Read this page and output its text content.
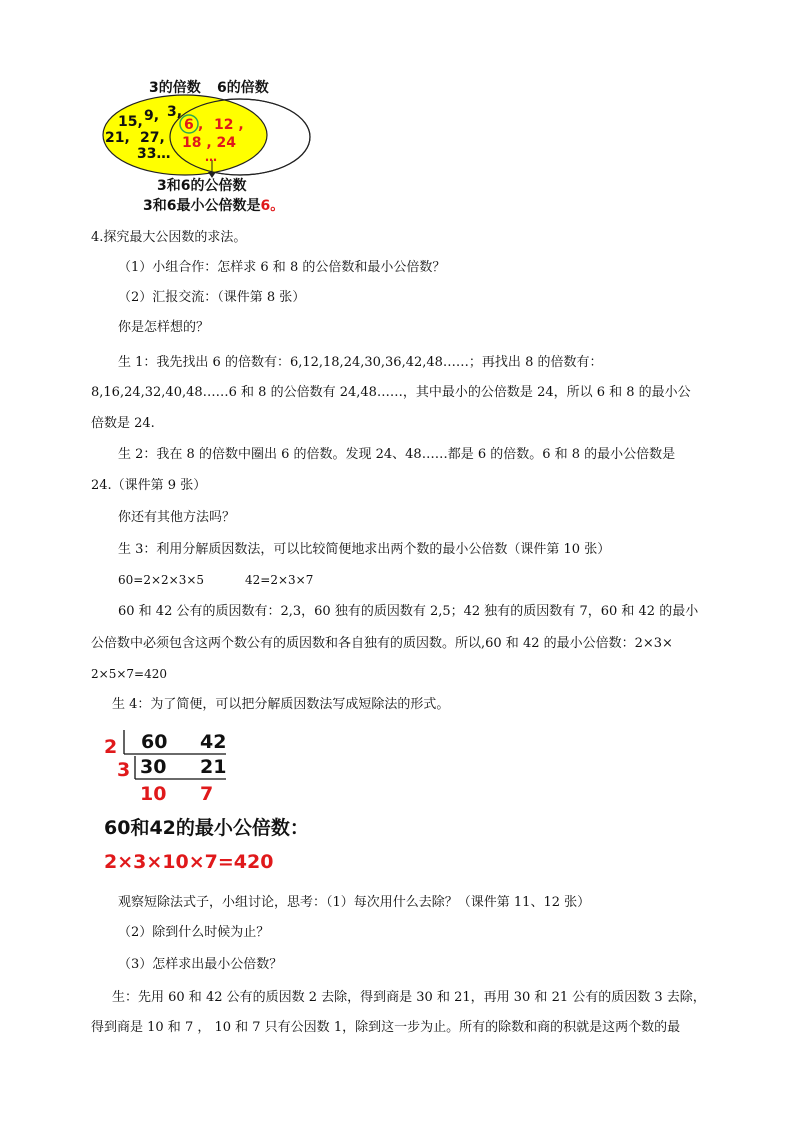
3的倍数 6的倍数
15, 9, 3,
21, 27,
33…
6 , 12 ,
18 , 24
…
3和6的公倍数
3和6最小公倍数是6。
4.探究最大公因数的求法。
（1）小组合作：怎样求 6 和 8 的公倍数和最小公倍数？
（2）汇报交流：（课件第 8 张）
你是怎样想的？
生 1：我先找出 6 的倍数有：6,12,18,24,30,36,42,48……；再找出 8 的倍数有：
8,16,24,32,40,48……6 和 8 的公倍数有 24,48……，其中最小的公倍数是 24，所以 6 和 8 的最小公
倍数是 24.
生 2：我在 8 的倍数中圈出 6 的倍数。发现 24、48……都是 6 的倍数。6 和 8 的最小公倍数是
24.（课件第 9 张）
你还有其他方法吗？
生 3：利用分解质因数法，可以比较简便地求出两个数的最小公倍数（课件第 10 张）
60=2×2×3×5	42=2×3×7
60 和 42 公有的质因数有：2,3，60 独有的质因数有 2,5；42 独有的质因数有 7，60 和 42 的最小
公倍数中必须包含这两个数公有的质因数和各自独有的质因数。所以,60 和 42 的最小公倍数：2×3×
2×5×7=420
生 4：为了简便，可以把分解质因数法写成短除法的形式。
2 60 42
3 30 21
10 7
60和42的最小公倍数：
2×3×10×7=420
观察短除法式子，小组讨论，思考：（1）每次用什么去除？（课件第 11、12 张）
（2）除到什么时候为止？
（3）怎样求出最小公倍数？
生：先用 60 和 42 公有的质因数 2 去除，得到商是 30 和 21，再用 30 和 21 公有的质因数 3 去除，
得到商是 10 和 7 ， 10 和 7 只有公因数 1，除到这一步为止。所有的除数和商的积就是这两个数的最
